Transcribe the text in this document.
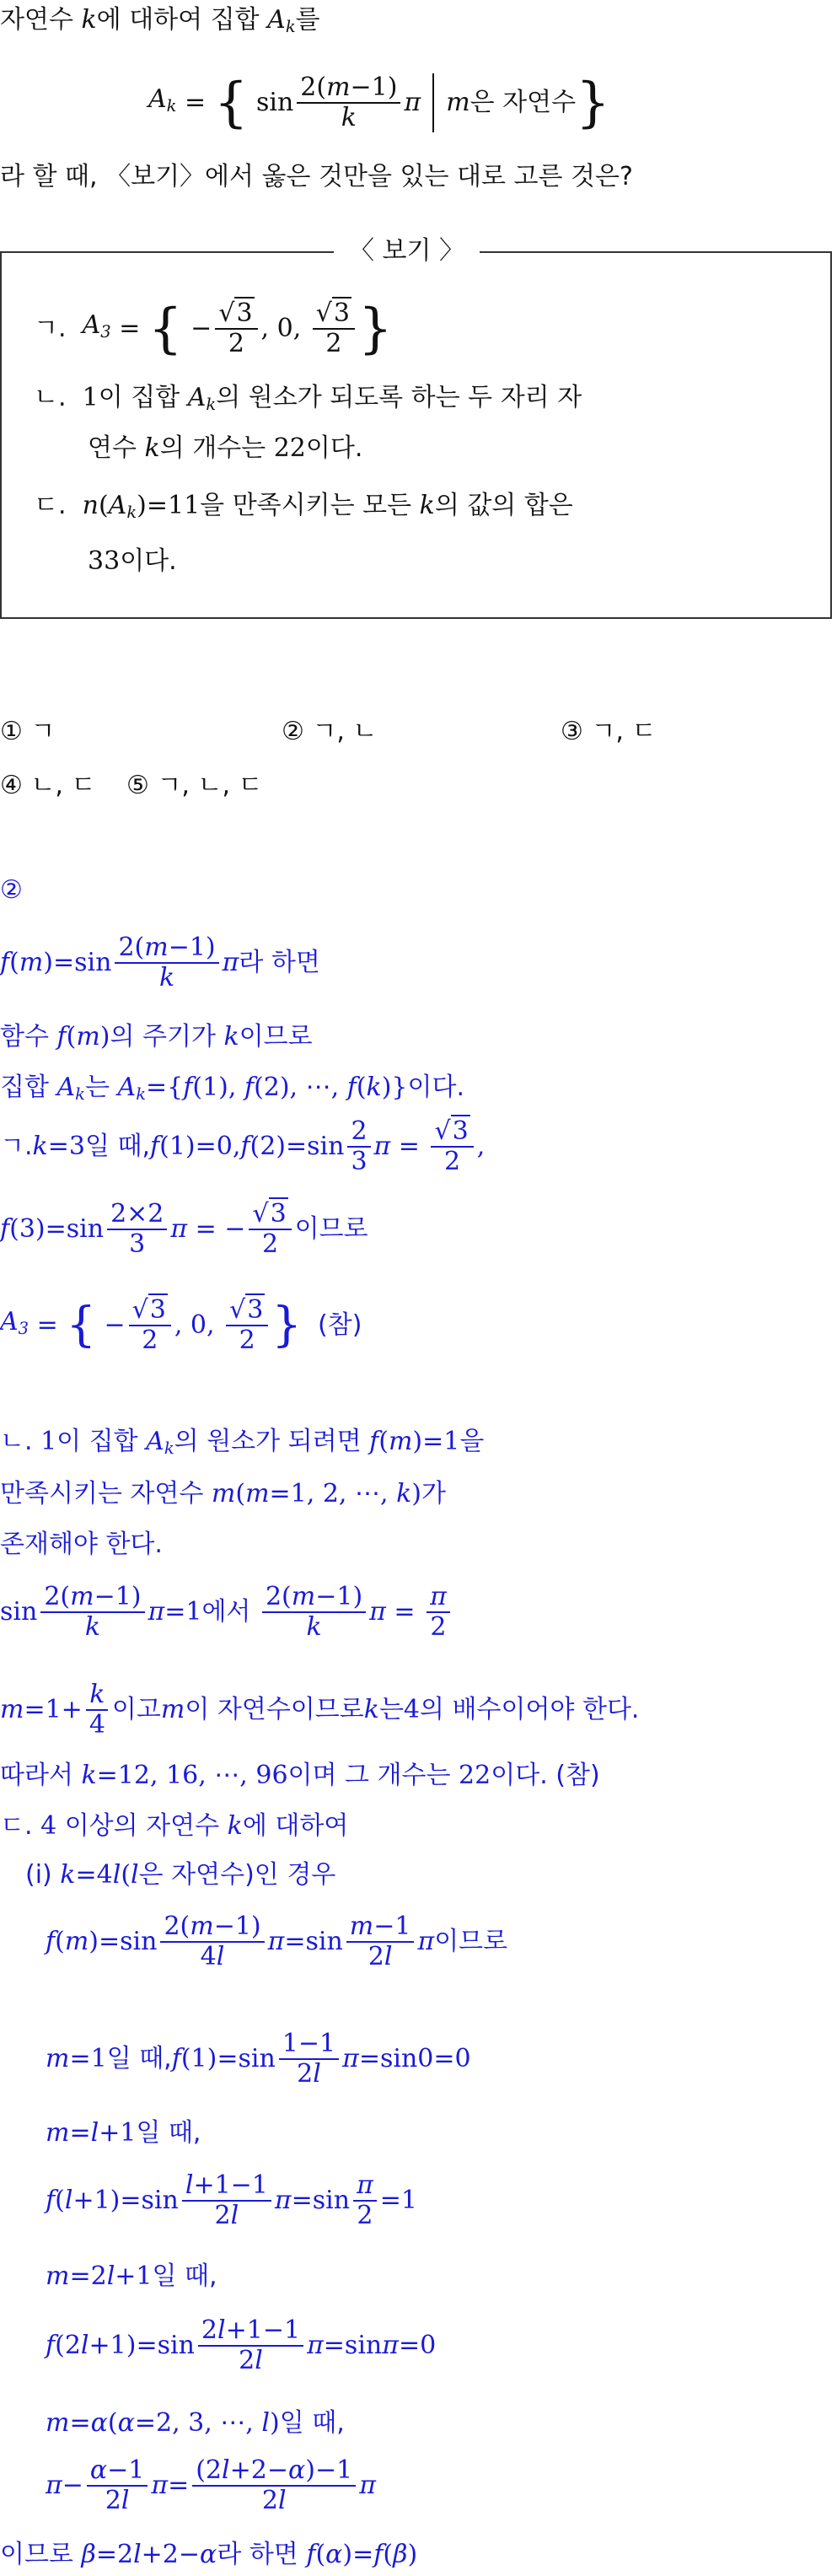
자연수 k에 대하여 집합 $A_k$를
$A_k$ = { $\sin \frac{2(m-1)}{k}$ π m 은 자연수 }
라 할 때, 〈보기〉에서 옳은 것만을 있는 대로 고른 것은?
〈 보기 〉
ㄱ. $A_3$ = { − $\frac{√3}{2}$ , 0, $\frac{√3}{2}$ }
ㄴ. 1이 집합 $A_k$의 원소가 되도록 하는 두 자리 자
연수 k의 개수는 22이다.
ㄷ. $n(A_k)=11$을 만족시키는 모든 k의 값의 합은
33이다.
① ㄱ	② ㄱ, ㄴ	③ ㄱ, ㄷ
④ ㄴ, ㄷ ⑤ ㄱ, ㄴ, ㄷ
②
f ( m )$=\sin \frac{2(m-1)}{k}$ π 라 하면
함수 f(m)의 주기가 k이므로
집합 $A_k$는 $A_k=\{f(1)$, f(2), ⋯, f(k)}이다.
ㄱ. k =3 일 때, f (1)=0, f $(2)=\sin \frac{2}{3}$ $\pi = \frac{√3}{2}$ ,
f $(3)=\sin \frac{2\times 2}{3}$ π = − $\frac{√3}{2}$ 이므로
$A_3$ = { − $\frac{√3}{2}$ , 0, $\frac{√3}{2}$ }
(참)
ㄴ. 1이 집합 $A_k$의 원소가 되려면 f(m)=1을
만족시키는 자연수 m(m=1, 2, ⋯, k)가
존재해야 한다.
$\sin \frac{2(m-1)}{k}$ π =1 에서
$\frac{2(m-1)}{k}$ $\pi = \frac{\pi}{2}$
$m =1+ \frac{k}{4}$ 이고 m 이 자연수이므로 k 는 4 의 배수이어야 한다.
따라서 k=12, 16, ⋯, 96이며 그 개수는 22이다. (참)
ㄷ. 4 이상의 자연수 k에 대하여
(ⅰ) k=4l(l은 자연수)인 경우
f ( m )$=\sin \frac{2(m-1)}{4l}$ $\pi =\sin \frac{m-1}{2l}$ π 이므로
m =1 일 때, f $(1)=\sin \frac{1-1}{2l}$ π =sin0=0
m=l+1일 때,
f ( $l +1)=\sin \frac{l+1-1}{2l}$ $\pi =\sin \frac{\pi}{2} =1$
m=2l+1일 때,
f (2 $l +1)=\sin \frac{2l+1-1}{2l}$ π =sin π =0
m=α(α=2, 3, ⋯, l)일 때,
$\pi - \frac{\alpha-1}{2l}$ $\pi = \frac{(2l+2-\alpha)-1}{2l}$ π
이므로 β=2l+2−α라 하면 f(α)=f(β)
